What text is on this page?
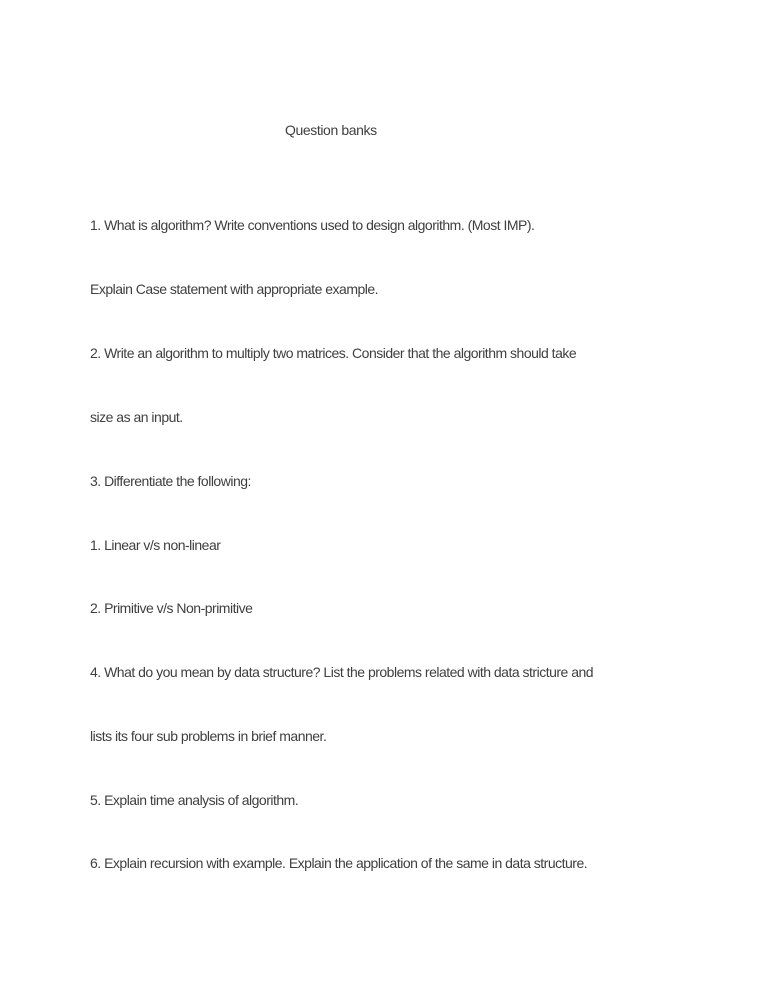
Question banks

1. What is algorithm? Write conventions used to design algorithm. (Most IMP).

Explain Case statement with appropriate example.

2. Write an algorithm to multiply two matrices. Consider that the algorithm should take

size as an input.

3. Differentiate the following:

1. Linear v/s non-linear

2. Primitive v/s Non-primitive

4. What do you mean by data structure? List the problems related with data stricture and

lists its four sub problems in brief manner.

5. Explain time analysis of algorithm.

6. Explain recursion with example. Explain the application of the same in data structure.
